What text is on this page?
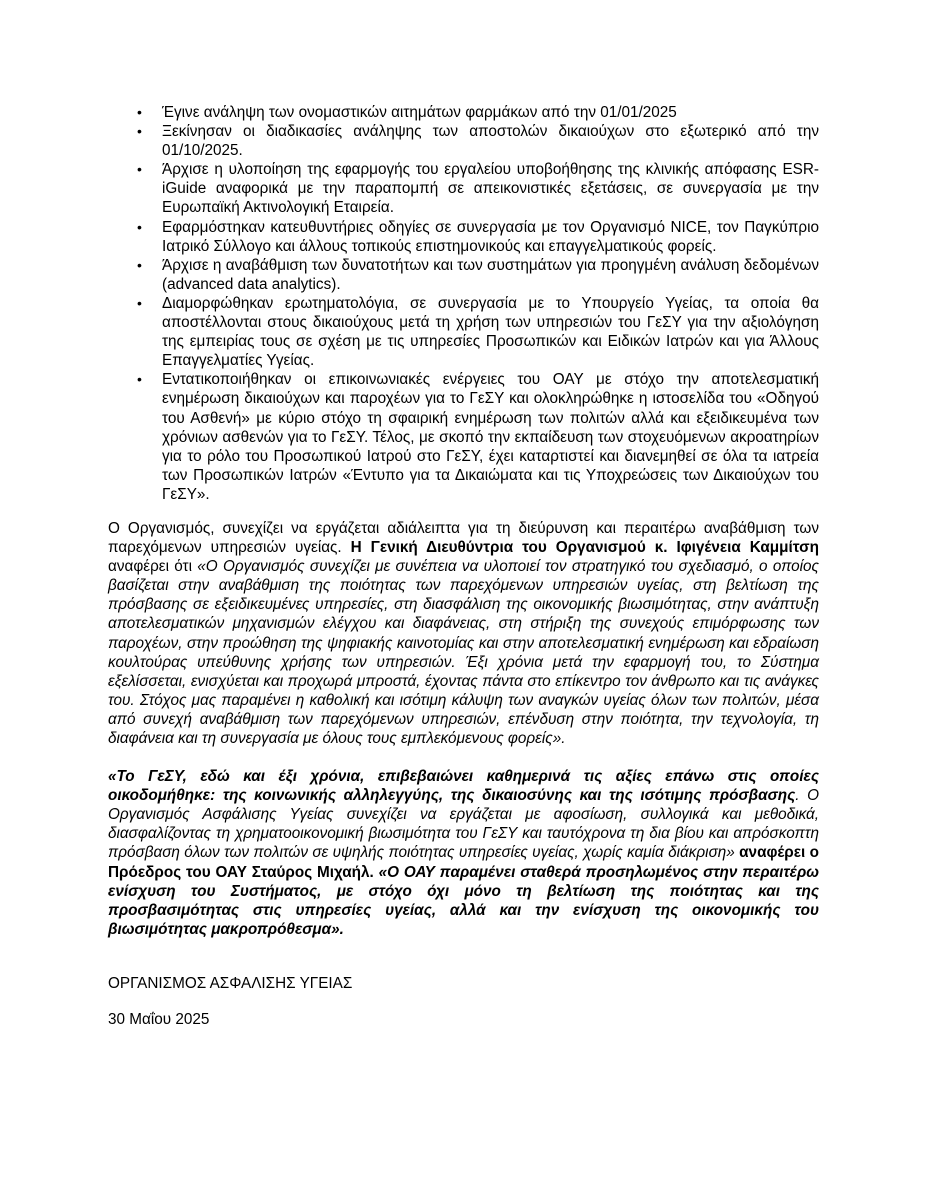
• Έγινε ανάληψη των ονομαστικών αιτημάτων φαρμάκων από την 01/01/2025
• Ξεκίνησαν οι διαδικασίες ανάληψης των αποστολών δικαιούχων στο εξωτερικό από την 01/10/2025.
• Άρχισε η υλοποίηση της εφαρμογής του εργαλείου υποβοήθησης της κλινικής απόφασης ESR-iGuide αναφορικά με την παραπομπή σε απεικονιστικές εξετάσεις, σε συνεργασία με την Ευρωπαϊκή Ακτινολογική Εταιρεία.
• Εφαρμόστηκαν κατευθυντήριες οδηγίες σε συνεργασία με τον Οργανισμό NICE, τον Παγκύπριο Ιατρικό Σύλλογο και άλλους τοπικούς επιστημονικούς και επαγγελματικούς φορείς.
• Άρχισε η αναβάθμιση των δυνατοτήτων και των συστημάτων για προηγμένη ανάλυση δεδομένων (advanced data analytics).
• Διαμορφώθηκαν ερωτηματολόγια, σε συνεργασία με το Υπουργείο Υγείας, τα οποία θα αποστέλλονται στους δικαιούχους μετά τη χρήση των υπηρεσιών του ΓεΣΥ για την αξιολόγηση της εμπειρίας τους σε σχέση με τις υπηρεσίες Προσωπικών και Ειδικών Ιατρών και για Άλλους Επαγγελματίες Υγείας.
• Εντατικοποιήθηκαν οι επικοινωνιακές ενέργειες του ΟΑΥ με στόχο την αποτελεσματική ενημέρωση δικαιούχων και παροχέων για το ΓεΣΥ και ολοκληρώθηκε η ιστοσελίδα του «Οδηγού του Ασθενή» με κύριο στόχο τη σφαιρική ενημέρωση των πολιτών αλλά και εξειδικευμένα των χρόνιων ασθενών για το ΓεΣΥ. Τέλος, με σκοπό την εκπαίδευση των στοχευόμενων ακροατηρίων για το ρόλο του Προσωπικού Ιατρού στο ΓεΣΥ, έχει καταρτιστεί και διανεμηθεί σε όλα τα ιατρεία των Προσωπικών Ιατρών «Έντυπο για τα Δικαιώματα και τις Υποχρεώσεις των Δικαιούχων του ΓεΣΥ».

Ο Οργανισμός, συνεχίζει να εργάζεται αδιάλειπτα για τη διεύρυνση και περαιτέρω αναβάθμιση των παρεχόμενων υπηρεσιών υγείας. Η Γενική Διευθύντρια του Οργανισμού κ. Ιφιγένεια Καμμίτση αναφέρει ότι «Ο Οργανισμός συνεχίζει με συνέπεια να υλοποιεί τον στρατηγικό του σχεδιασμό, ο οποίος βασίζεται στην αναβάθμιση της ποιότητας των παρεχόμενων υπηρεσιών υγείας, στη βελτίωση της πρόσβασης σε εξειδικευμένες υπηρεσίες, στη διασφάλιση της οικονομικής βιωσιμότητας, στην ανάπτυξη αποτελεσματικών μηχανισμών ελέγχου και διαφάνειας, στη στήριξη της συνεχούς επιμόρφωσης των παροχέων, στην προώθηση της ψηφιακής καινοτομίας και στην αποτελεσματική ενημέρωση και εδραίωση κουλτούρας υπεύθυνης χρήσης των υπηρεσιών. Έξι χρόνια μετά την εφαρμογή του, το Σύστημα εξελίσσεται, ενισχύεται και προχωρά μπροστά, έχοντας πάντα στο επίκεντρο τον άνθρωπο και τις ανάγκες του. Στόχος μας παραμένει η καθολική και ισότιμη κάλυψη των αναγκών υγείας όλων των πολιτών, μέσα από συνεχή αναβάθμιση των παρεχόμενων υπηρεσιών, επένδυση στην ποιότητα, την τεχνολογία, τη διαφάνεια και τη συνεργασία με όλους τους εμπλεκόμενους φορείς».

«Το ΓεΣΥ, εδώ και έξι χρόνια, επιβεβαιώνει καθημερινά τις αξίες επάνω στις οποίες οικοδομήθηκε: της κοινωνικής αλληλεγγύης, της δικαιοσύνης και της ισότιμης πρόσβασης. Ο Οργανισμός Ασφάλισης Υγείας συνεχίζει να εργάζεται με αφοσίωση, συλλογικά και μεθοδικά, διασφαλίζοντας τη χρηματοοικονομική βιωσιμότητα του ΓεΣΥ και ταυτόχρονα τη δια βίου και απρόσκοπτη πρόσβαση όλων των πολιτών σε υψηλής ποιότητας υπηρεσίες υγείας, χωρίς καμία διάκριση» αναφέρει ο Πρόεδρος του ΟΑΥ Σταύρος Μιχαήλ. «Ο ΟΑΥ παραμένει σταθερά προσηλωμένος στην περαιτέρω ενίσχυση του Συστήματος, με στόχο όχι μόνο τη βελτίωση της ποιότητας και της προσβασιμότητας στις υπηρεσίες υγείας, αλλά και την ενίσχυση της οικονομικής του βιωσιμότητας μακροπρόθεσμα».

ΟΡΓΑΝΙΣΜΟΣ ΑΣΦΑΛΙΣΗΣ ΥΓΕΙΑΣ

30 Μαΐου 2025
